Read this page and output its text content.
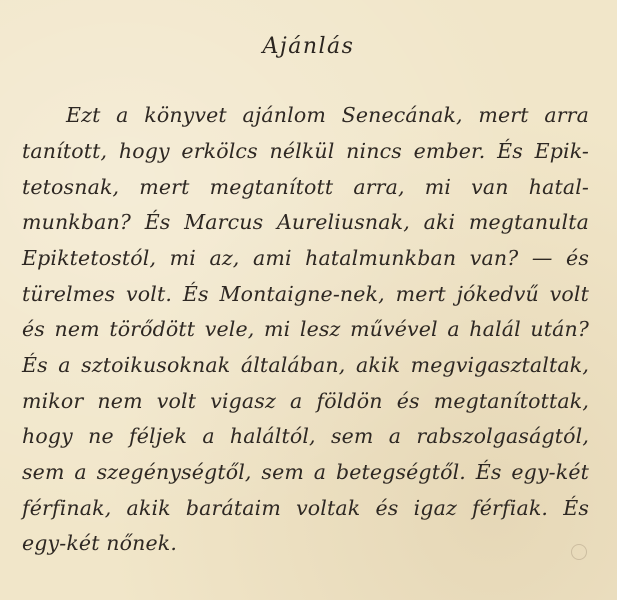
Ajánlás
Ezt a könyvet ajánlom Senecának, mert arra
tanított, hogy erkölcs nélkül nincs ember. És Epik-
tetosnak, mert megtanított arra, mi van hatal-
munkban? És Marcus Aureliusnak, aki megtanulta
Epiktetostól, mi az, ami hatalmunkban van? — és
türelmes volt. És Montaigne-nek, mert jókedvű volt
és nem törődött vele, mi lesz művével a halál után?
És a sztoikusoknak általában, akik megvigasztaltak,
mikor nem volt vigasz a földön és megtanítottak,
hogy ne féljek a haláltól, sem a rabszolgaságtól,
sem a szegénységtől, sem a betegségtől. És egy-két
férfinak, akik barátaim voltak és igaz férfiak. És
egy-két nőnek.
